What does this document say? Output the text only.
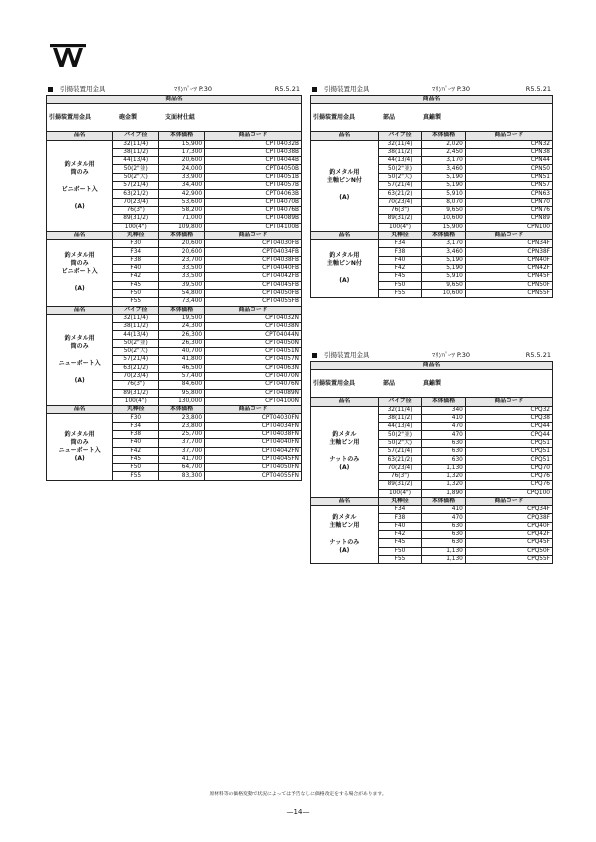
引揚装置用金具	ﾏﾘﾝﾊﾟｰﾂ P.30	R5.5.21
商品名			
引揚装置用金具 砲金製 支面材仕組			
品名	パイプ径	本体価格	商品コード

釣メタル用
筒のみ
ビニボート入
(A)	32(11/4)	15,900	CPT04032B
	38(11/2)	17,300	CPT04038B
	44(13/4)	20,600	CPT04044B
	50(2"並)	24,000	CPT04050B
	50(2"大)	33,900	CPT04051B
	57(21/4)	34,400	CPT04057B
	63(21/2)	42,900	CPT04063B
	70(23/4)	53,600	CPT04070B
	76(3")	58,200	CPT04076B
	89(31/2)	71,000	CPT04089B
	100(4")	109,800	CPT04100B
品名	丸棒径	本体価格	商品コード

釣メタル用
筒のみ
ビニボート入
(A)	F30	20,600	CPT04030FB
	F34	20,600	CPT04034FB
	F38	23,700	CPT04038FB
	F40	33,500	CPT04040FB
	F42	33,500	CPT04042FB
	F45	39,500	CPT04045FB
	F50	54,800	CPT04050FB
	F55	73,400	CPT04055FB
品名	パイプ径	本体価格	商品コード

釣メタル用
筒のみ
ニューボート入
(A)	32(11/4)	19,500	CPT04032N
	38(11/2)	24,300	CPT04038N
	44(13/4)	26,300	CPT04044N
	50(2"並)	26,300	CPT04050N
	50(2"大)	40,700	CPT04051N
	57(21/4)	41,800	CPT04057N
	63(21/2)	46,500	CPT04063N
	70(23/4)	57,400	CPT04070N
	76(3")	84,600	CPT04076N
	89(31/2)	95,800	CPT04089N
	100(4")	130,000	CPT04100N
品名	丸棒径	本体価格	商品コード

釣メタル用
筒のみ
ニューボート入
(A)	F30	23,800	CPT04030FN
	F34	23,800	CPT04034FN
	F38	25,700	CPT04038FN
	F40	37,700	CPT04040FN
	F42	37,700	CPT04042FN
	F45	41,700	CPT04045FN
	F50	64,700	CPT04050FN
	F55	83,300	CPT04055FN
引揚装置用金具	ﾏﾘﾝﾊﾟｰﾂ P.30	R5.5.21
商品名			
引揚装置用金具 部品 真鍮製			
品名	パイプ径	本体価格	商品コード

釣メタル用
主軸ピンN付
(A)	32(11/4)	2,020	CPN32
	38(11/2)	2,450	CPN38
	44(13/4)	3,170	CPN44
	50(2"並)	3,460	CPN50
	50(2"大)	5,190	CPN51
	57(21/4)	5,190	CPN57
	63(21/2)	5,910	CPN63
	70(23/4)	8,070	CPN70
	76(3")	9,650	CPN76
	89(31/2)	10,600	CPN89
	100(4")	15,900	CPN100
品名	丸棒径	本体価格	商品コード

釣メタル用
主軸ピンN付
(A)	F34	3,170	CPN34F
	F38	3,460	CPN38F
	F40	5,190	CPN40F
	F42	5,190	CPN42F
	F45	5,910	CPN45F
	F50	9,650	CPN50F
	F55	10,600	CPN55F
引揚装置用金具	ﾏﾘﾝﾊﾟｰﾂ P.30	R5.5.21
商品名			
引揚装置用金具 部品 真鍮製			
品名	パイプ径	本体価格	商品コード

釣メタル
主軸ピン用
ナットのみ
(A)	32(11/4)	340	CPQ32
	38(11/2)	410	CPQ38
	44(13/4)	470	CPQ44
	50(2"並)	470	CPQ44
	50(2"大)	630	CPQ51
	57(21/4)	630	CPQ51
	63(21/2)	630	CPQ51
	70(23/4)	1,130	CPQ70
	76(3")	1,320	CPQ76
	89(31/2)	1,320	CPQ76
	100(4")	1,890	CPQ100
品名	丸棒径	本体価格	商品コード

釣メタル
主軸ピン用
ナットのみ
(A)	F34	410	CPQ34F
	F38	470	CPQ38F
	F40	630	CPQ40F
	F42	630	CPQ42F
	F45	630	CPQ45F
	F50	1,130	CPQ50F
	F55	1,130	CPQ55F
原材料等の価格変動で状況によっては予告なしに価格改定をする場合があります。
—14—
